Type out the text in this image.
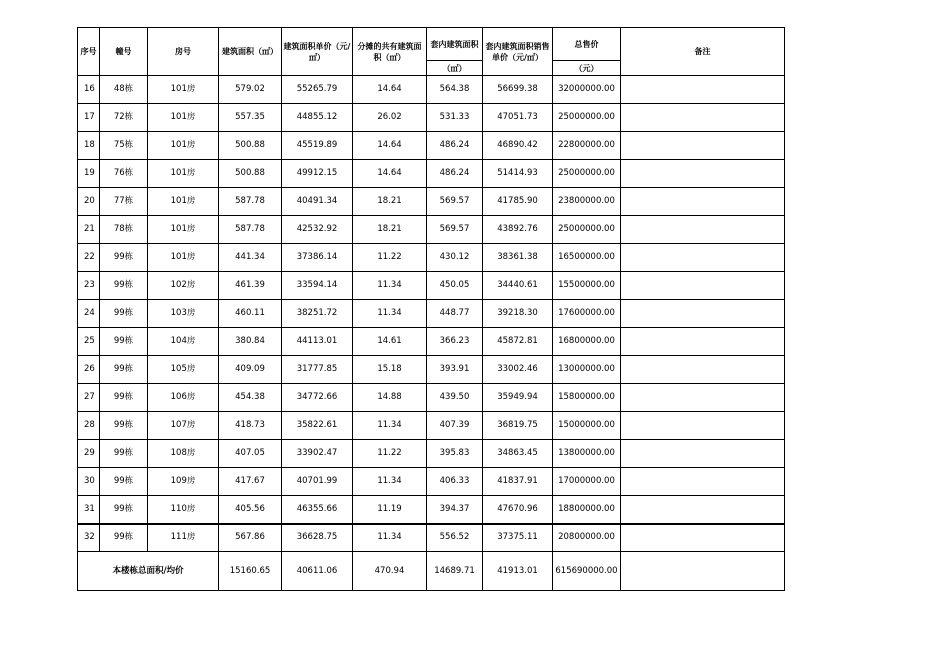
序号	幢号	房号	建筑面积（㎡）	建筑面积单价（元/㎡）	分摊的共有建筑面积（㎡）	套内建筑面积	套内建筑面积销售单价（元/㎡）	总售价	备注
						（㎡）		（元）	
16	48栋	101房	579.02	55265.79	14.64	564.38	56699.38	32000000.00	
17	72栋	101房	557.35	44855.12	26.02	531.33	47051.73	25000000.00	
18	75栋	101房	500.88	45519.89	14.64	486.24	46890.42	22800000.00	
19	76栋	101房	500.88	49912.15	14.64	486.24	51414.93	25000000.00	
20	77栋	101房	587.78	40491.34	18.21	569.57	41785.90	23800000.00	
21	78栋	101房	587.78	42532.92	18.21	569.57	43892.76	25000000.00	
22	99栋	101房	441.34	37386.14	11.22	430.12	38361.38	16500000.00	
23	99栋	102房	461.39	33594.14	11.34	450.05	34440.61	15500000.00	
24	99栋	103房	460.11	38251.72	11.34	448.77	39218.30	17600000.00	
25	99栋	104房	380.84	44113.01	14.61	366.23	45872.81	16800000.00	
26	99栋	105房	409.09	31777.85	15.18	393.91	33002.46	13000000.00	
27	99栋	106房	454.38	34772.66	14.88	439.50	35949.94	15800000.00	
28	99栋	107房	418.73	35822.61	11.34	407.39	36819.75	15000000.00	
29	99栋	108房	407.05	33902.47	11.22	395.83	34863.45	13800000.00	
30	99栋	109房	417.67	40701.99	11.34	406.33	41837.91	17000000.00	
31	99栋	110房	405.56	46355.66	11.19	394.37	47670.96	18800000.00	
32	99栋	111房	567.86	36628.75	11.34	556.52	37375.11	20800000.00	
本楼栋总面积/均价			15160.65	40611.06	470.94	14689.71	41913.01	615690000.00	
